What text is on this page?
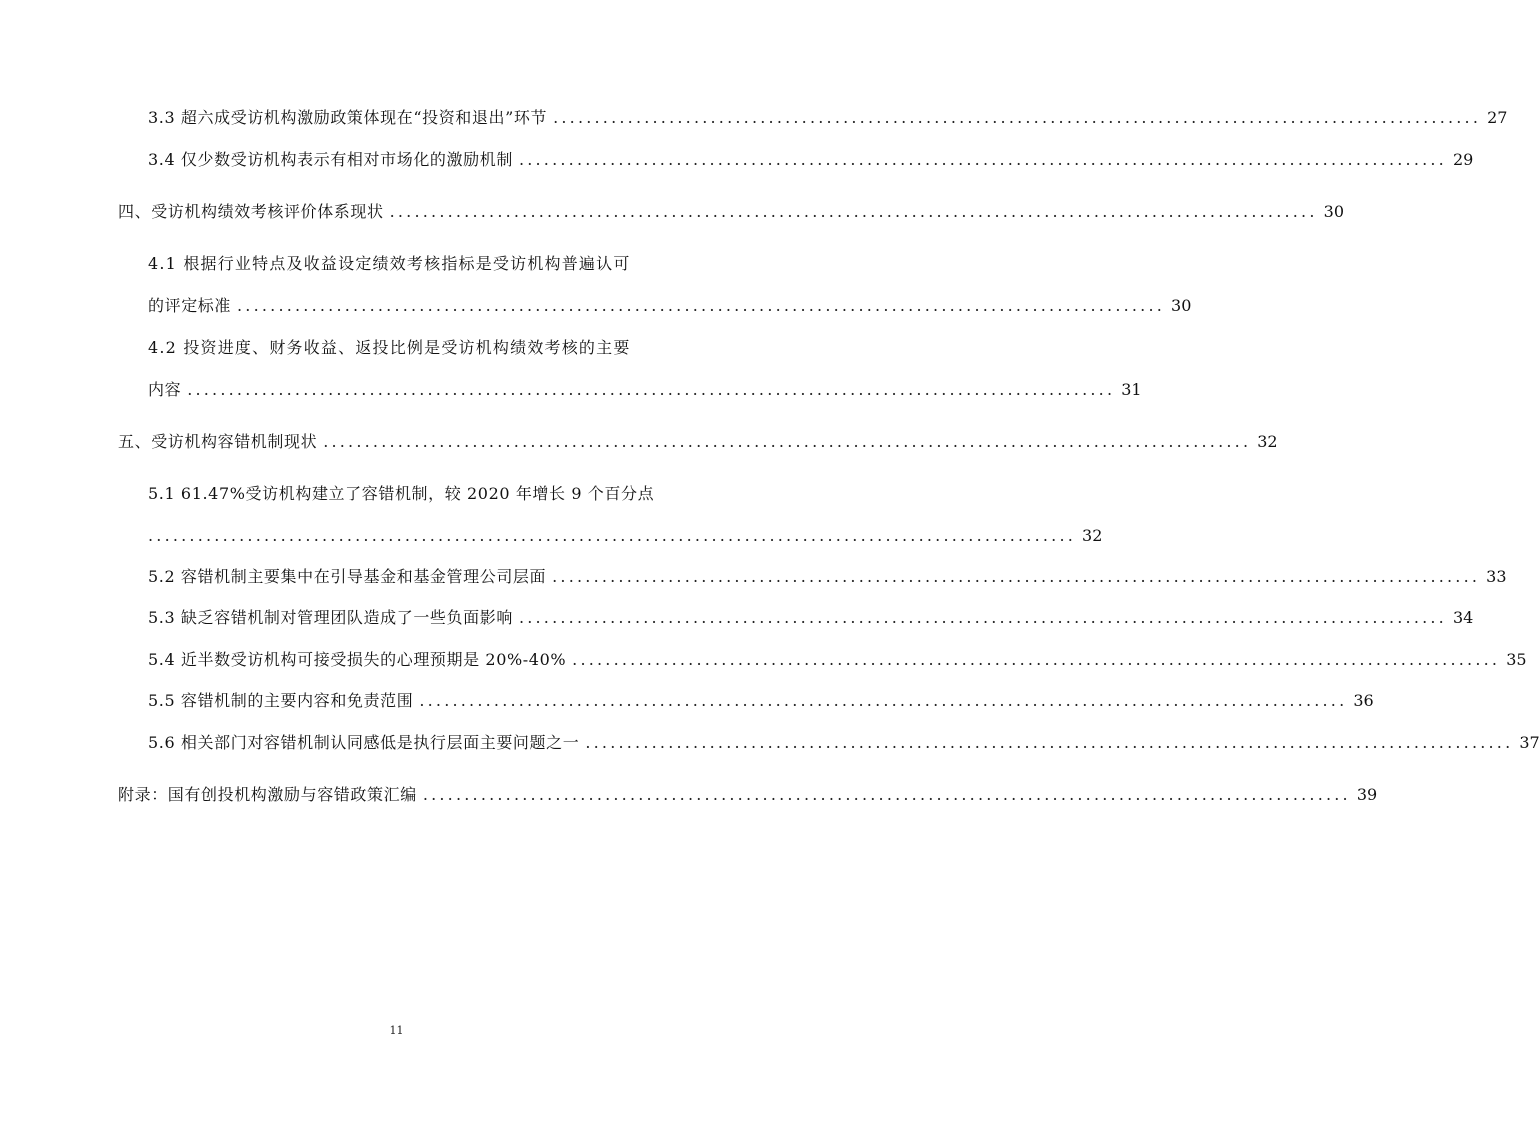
3.3 超六成受访机构激励政策体现在“投资和退出”环节 ................................................................................................................ 27
3.4 仅少数受访机构表示有相对市场化的激励机制 ................................................................................................................ 29
四、受访机构绩效考核评价体系现状 ................................................................................................................ 30
4.1 根据行业特点及收益设定绩效考核指标是受访机构普遍认可
的评定标准 ................................................................................................................ 30
4.2 投资进度、财务收益、返投比例是受访机构绩效考核的主要
内容 ................................................................................................................ 31
五、受访机构容错机制现状 ................................................................................................................ 32
5.1 61.47%受访机构建立了容错机制，较 2020 年增长 9 个百分点
................................................................................................................ 32
5.2 容错机制主要集中在引导基金和基金管理公司层面 ................................................................................................................ 33
5.3 缺乏容错机制对管理团队造成了一些负面影响 ................................................................................................................ 34
5.4 近半数受访机构可接受损失的心理预期是 20%-40% ................................................................................................................ 35
5.5 容错机制的主要内容和免责范围 ................................................................................................................ 36
5.6 相关部门对容错机制认同感低是执行层面主要问题之一 ................................................................................................................ 37
附录：国有创投机构激励与容错政策汇编 ................................................................................................................ 39
11
